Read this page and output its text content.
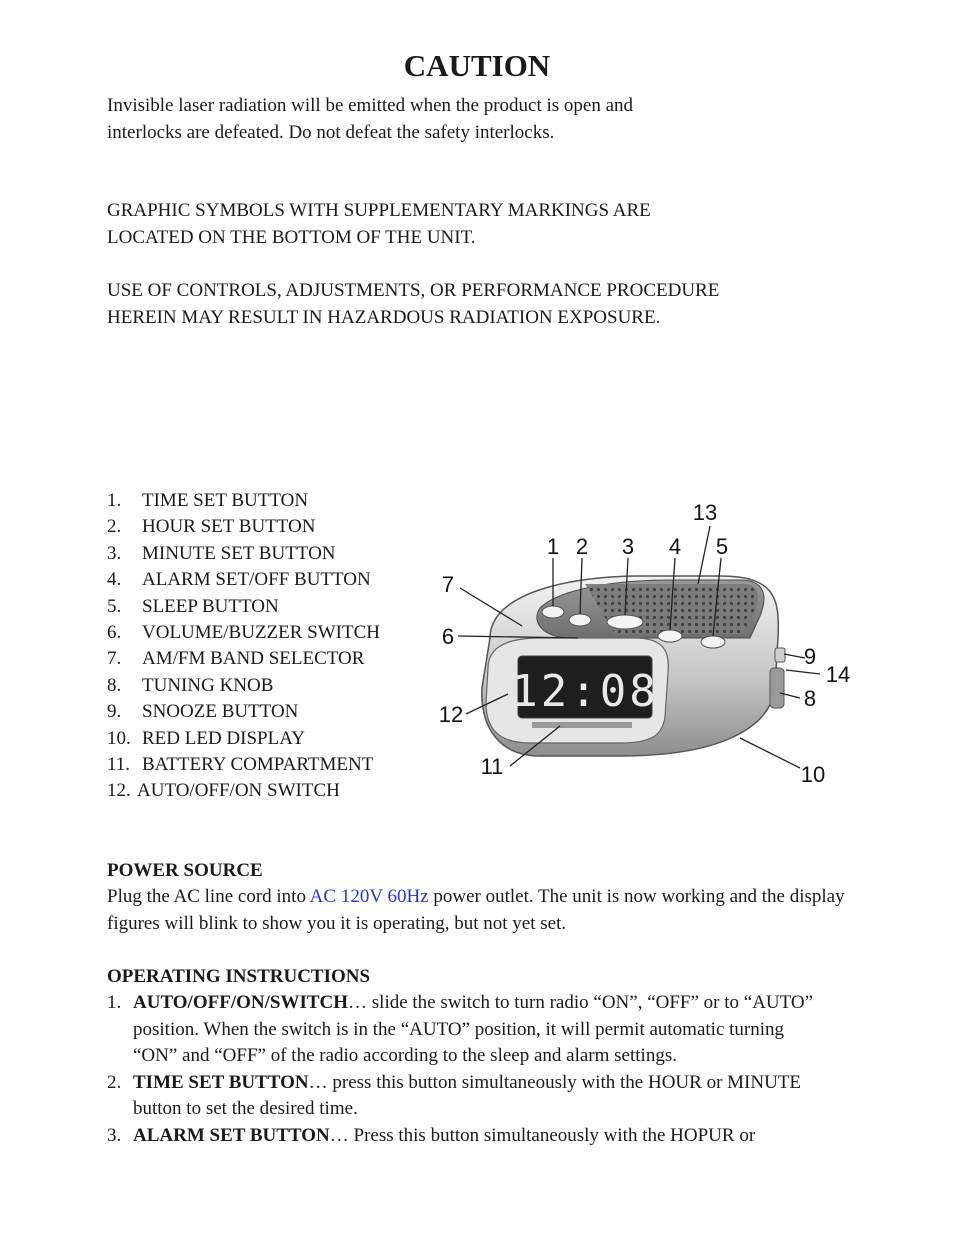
CAUTION

Invisible laser radiation will be emitted when the product is open and interlocks are defeated. Do not defeat the safety interlocks.

GRAPHIC SYMBOLS WITH SUPPLEMENTARY MARKINGS ARE LOCATED ON THE BOTTOM OF THE UNIT.

USE OF CONTROLS, ADJUSTMENTS, OR PERFORMANCE PROCEDURE HEREIN MAY RESULT IN HAZARDOUS RADIATION EXPOSURE.

1. TIME SET BUTTON
2. HOUR SET BUTTON
3. MINUTE SET BUTTON
4. ALARM SET/OFF BUTTON
5. SLEEP BUTTON
6. VOLUME/BUZZER SWITCH
7. AM/FM BAND SELECTOR
8. TUNING KNOB
9. SNOOZE BUTTON
10. RED LED DISPLAY
11. BATTERY COMPARTMENT
12. AUTO/OFF/ON SWITCH
12:08
1 2 3 4 5
6
7
8
9
10
11
12
13
14

POWER SOURCE

Plug the AC line cord into AC 120V 60Hz power outlet. The unit is now working and the display figures will blink to show you it is operating, but not yet set.

OPERATING INSTRUCTIONS

1. AUTO/OFF/ON/SWITCH… slide the switch to turn radio “ON”, “OFF” or to “AUTO” position. When the switch is in the “AUTO” position, it will permit automatic turning “ON” and “OFF” of the radio according to the sleep and alarm settings.
2. TIME SET BUTTON… press this button simultaneously with the HOUR or MINUTE button to set the desired time.
3. ALARM SET BUTTON… Press this button simultaneously with the HOPUR or
